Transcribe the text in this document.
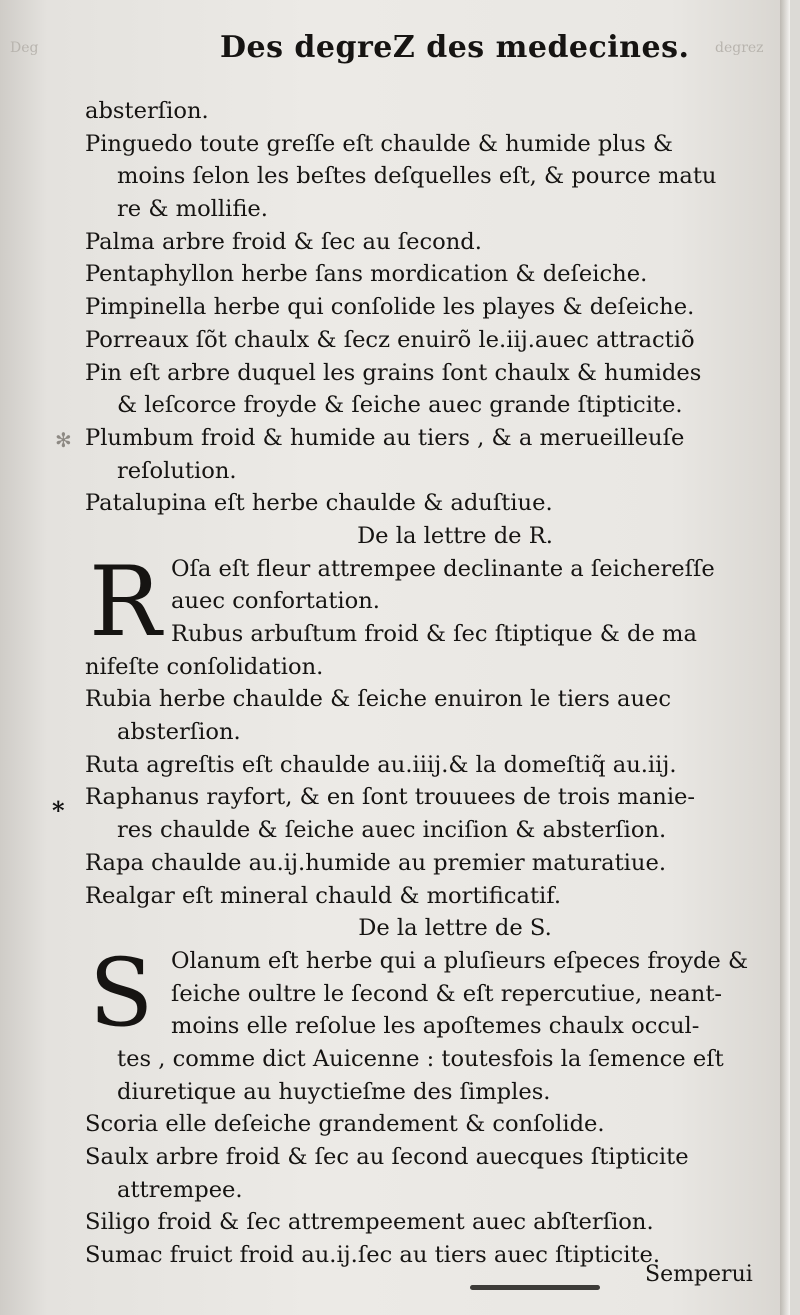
Deg	degrez
Des degreZ des medecines.
✻
*
absterſion.
Pinguedo toute greſſe eſt chaulde & humide plus &
moins ſelon les beſtes deſquelles eſt, & pource matu
re & mollifie.
Palma arbre froid & ſec au ſecond.
Pentaphyllon herbe ſans mordication & deſeiche.
Pimpinella herbe qui conſolide les playes & deſeiche.
Porreaux ſõt chaulx & ſecz enuirõ le.iij.auec attractiõ
Pin eſt arbre duquel les grains ſont chaulx & humides
& leſcorce froyde & ſeiche auec grande ſtipticite.
Plumbum froid & humide au tiers , & a merueilleuſe
reſolution.
Patalupina eſt herbe chaulde & aduſtiue.
De la lettre de R.
R Oſa eſt fleur attrempee declinante a ſeichereſſe
auec confortation.
Rubus arbuſtum froid & ſec ſtiptique & de ma
nifeſte conſolidation.
Rubia herbe chaulde & ſeiche enuiron le tiers auec
absterſion.
Ruta agreſtis eſt chaulde au.iiij.& la domeſtiq̃ au.iij.
Raphanus rayfort, & en ſont trouuees de trois manie-
res chaulde & ſeiche auec inciſion & absterſion.
Rapa chaulde au.ij.humide au premier maturatiue.
Realgar eſt mineral chauld & mortificatif.
De la lettre de S.
S Olanum eſt herbe qui a pluſieurs eſpeces froyde &
ſeiche oultre le ſecond & eſt repercutiue, neant-
moins elle reſolue les apoſtemes chaulx occul-
tes , comme dict Auicenne : toutesfois la ſemence eſt
diuretique au huyctieſme des ſimples.
Scoria elle deſeiche grandement & conſolide.
Saulx arbre froid & ſec au ſecond auecques ſtipticite
attrempee.
Siligo froid & ſec attrempeement auec abſterſion.
Sumac fruict froid au.ij.ſec au tiers auec ſtipticite.
Semperui
